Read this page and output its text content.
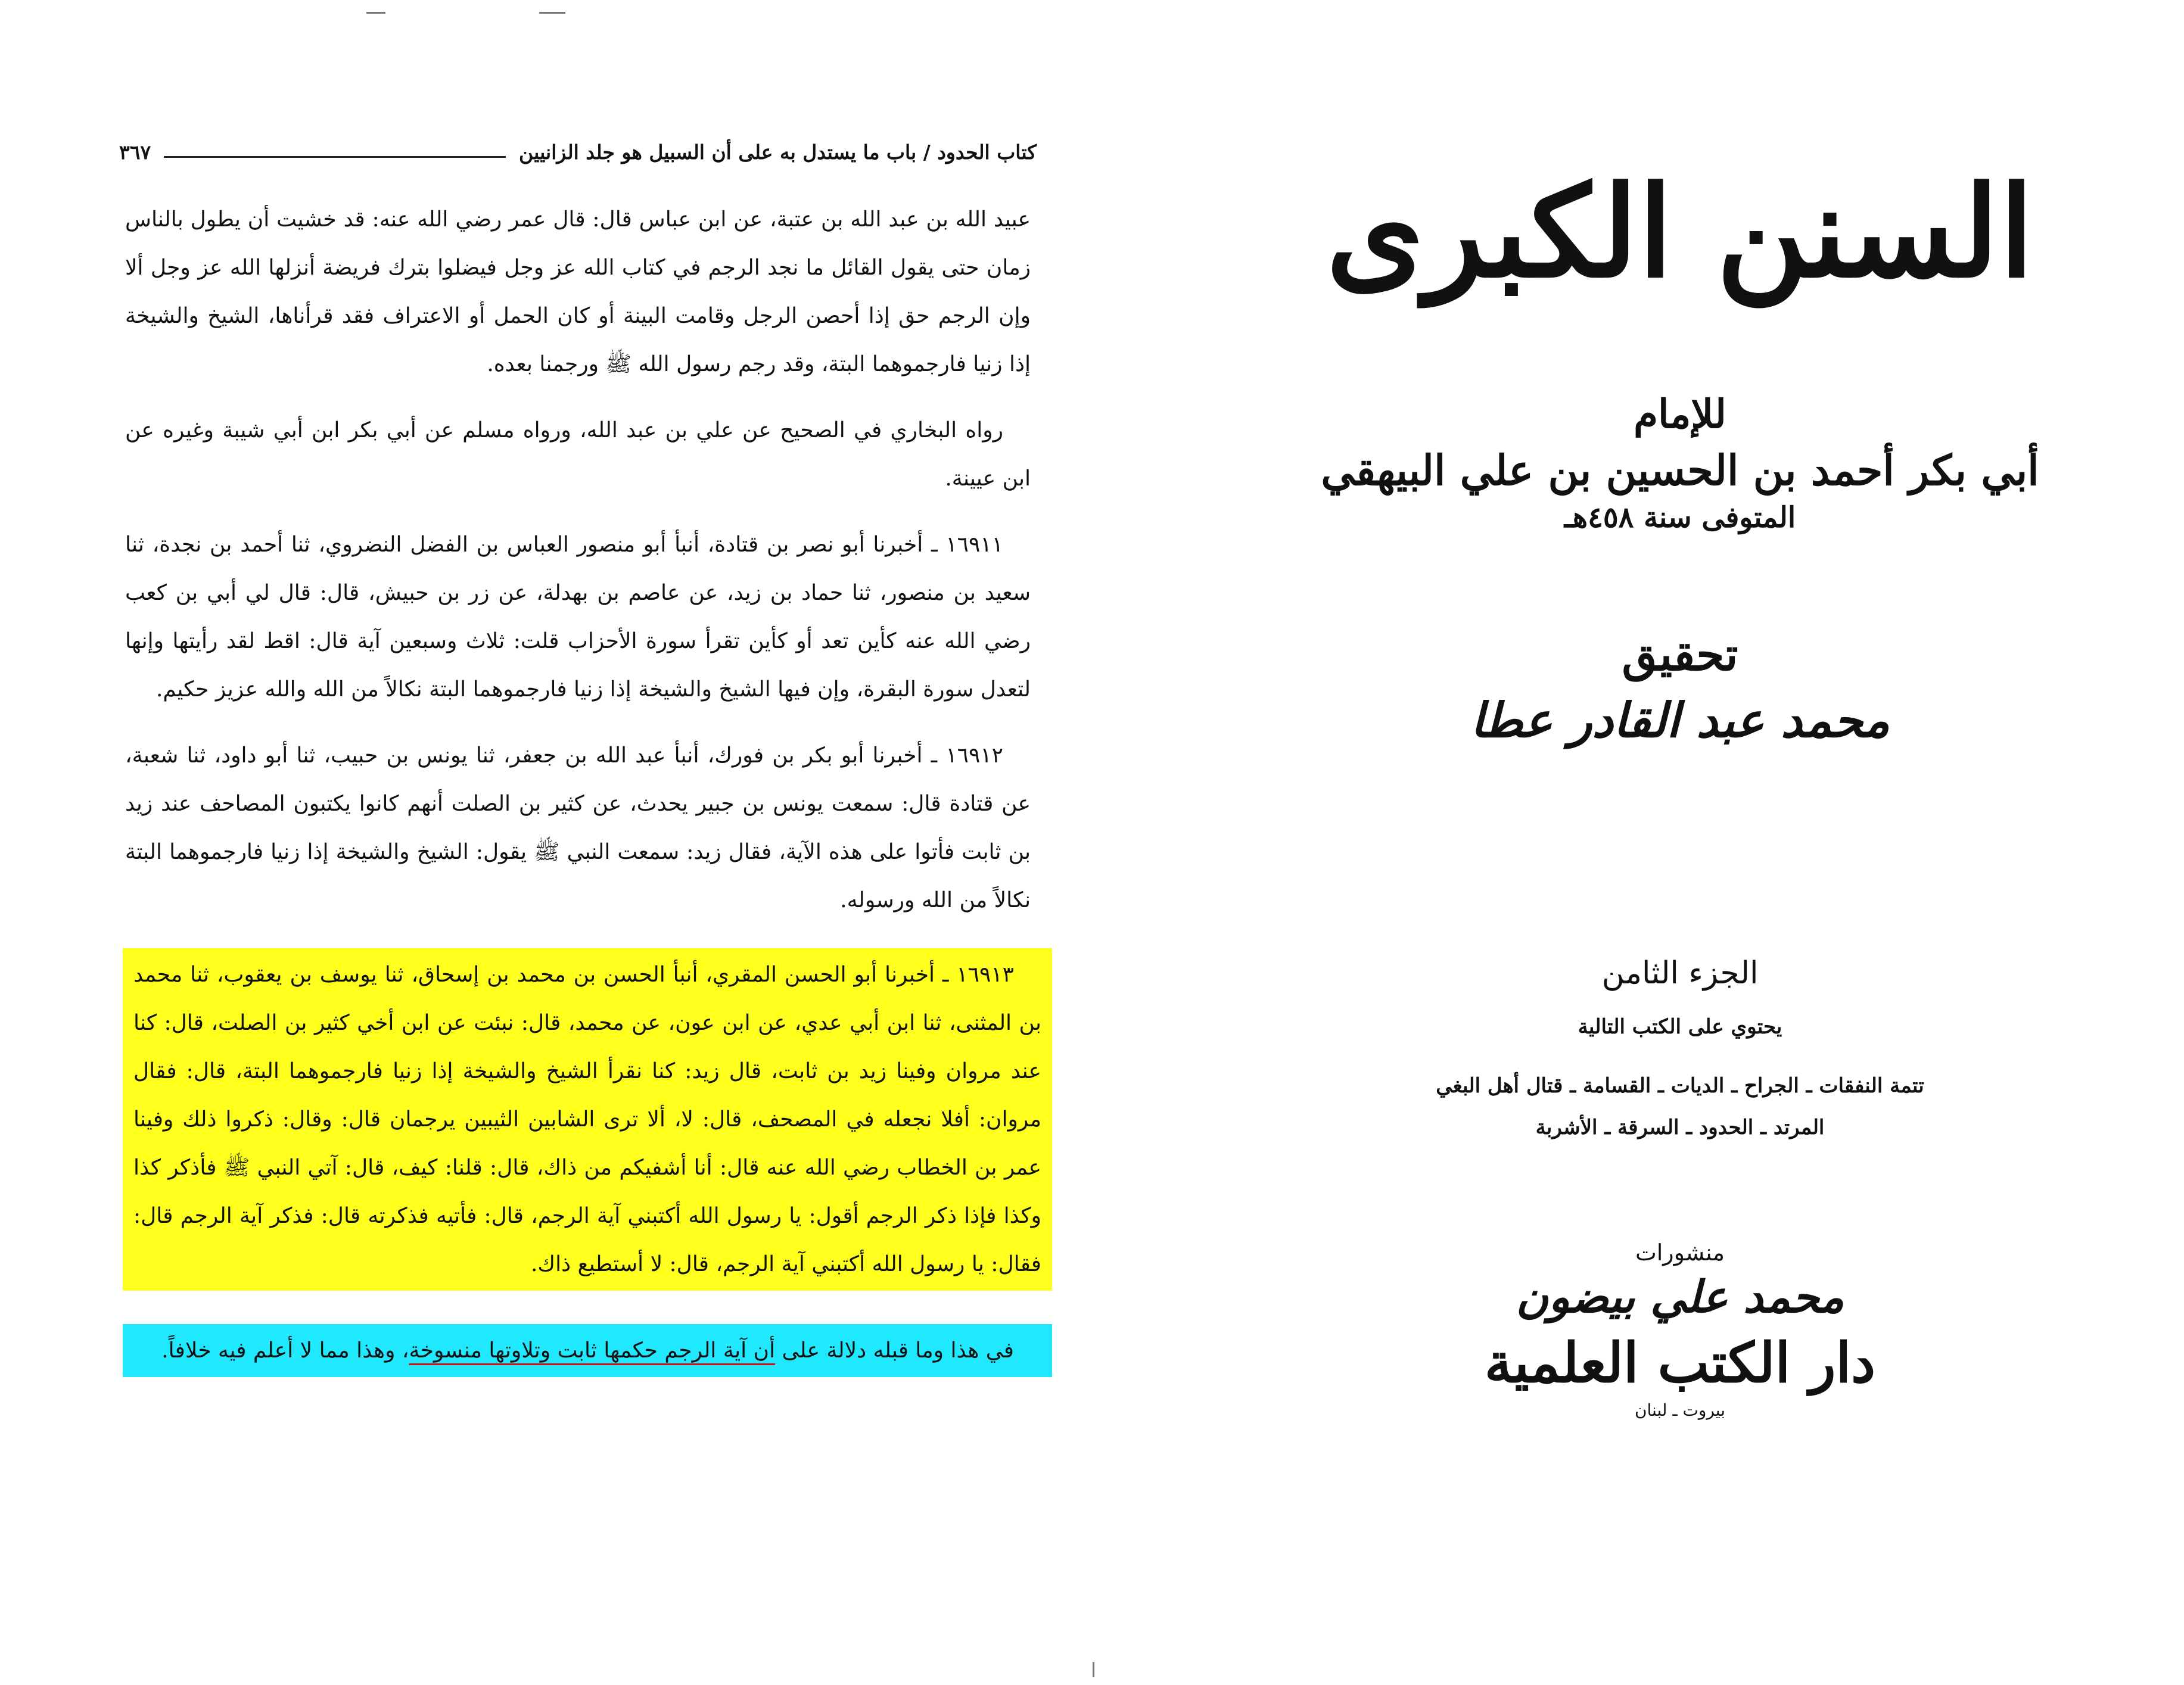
كتاب الحدود / باب ما يستدل به على أن السبيل هو جلد الزانيين
٣٦٧

عبيد الله بن عبد الله بن عتبة، عن ابن عباس قال: قال عمر رضي الله عنه: قد خشيت أن يطول بالناس زمان حتى يقول القائل ما نجد الرجم في كتاب الله عز وجل فيضلوا بترك فريضة أنزلها الله عز وجل ألا وإن الرجم حق إذا أحصن الرجل وقامت البينة أو كان الحمل أو الاعتراف فقد قرأناها، الشيخ والشيخة إذا زنيا فارجموهما البتة، وقد رجم رسول الله ﷺ ورجمنا بعده.

رواه البخاري في الصحيح عن علي بن عبد الله، ورواه مسلم عن أبي بكر ابن أبي شيبة وغيره عن ابن عيينة.

١٦٩١١ ـ أخبرنا أبو نصر بن قتادة، أنبأ أبو منصور العباس بن الفضل النضروي، ثنا أحمد بن نجدة، ثنا سعيد بن منصور، ثنا حماد بن زيد، عن عاصم بن بهدلة، عن زر بن حبيش، قال: قال لي أبي بن كعب رضي الله عنه كأين تعد أو كأين تقرأ سورة الأحزاب قلت: ثلاث وسبعين آية قال: اقط لقد رأيتها وإنها لتعدل سورة البقرة، وإن فيها الشيخ والشيخة إذا زنيا فارجموهما البتة نكالاً من الله والله عزيز حكيم.

١٦٩١٢ ـ أخبرنا أبو بكر بن فورك، أنبأ عبد الله بن جعفر، ثنا يونس بن حبيب، ثنا أبو داود، ثنا شعبة، عن قتادة قال: سمعت يونس بن جبير يحدث، عن كثير بن الصلت أنهم كانوا يكتبون المصاحف عند زيد بن ثابت فأتوا على هذه الآية، فقال زيد: سمعت النبي ﷺ يقول: الشيخ والشيخة إذا زنيا فارجموهما البتة نكالاً من الله ورسوله.

١٦٩١٣ ـ أخبرنا أبو الحسن المقري، أنبأ الحسن بن محمد بن إسحاق، ثنا يوسف بن يعقوب، ثنا محمد بن المثنى، ثنا ابن أبي عدي، عن ابن عون، عن محمد، قال: نبئت عن ابن أخي كثير بن الصلت، قال: كنا عند مروان وفينا زيد بن ثابت، قال زيد: كنا نقرأ الشيخ والشيخة إذا زنيا فارجموهما البتة، قال: فقال مروان: أفلا نجعله في المصحف، قال: لا، ألا ترى الشابين الثيبين يرجمان قال: وقال: ذكروا ذلك وفينا عمر بن الخطاب رضي الله عنه قال: أنا أشفيكم من ذاك، قال: قلنا: كيف، قال: آتي النبي ﷺ فأذكر كذا وكذا فإذا ذكر الرجم أقول: يا رسول الله أكتبني آية الرجم، قال: فأتيه فذكرته قال: فذكر آية الرجم قال: فقال: يا رسول الله أكتبني آية الرجم، قال: لا أستطيع ذاك.

في هذا وما قبله دلالة على أن آية الرجم حكمها ثابت وتلاوتها منسوخة، وهذا مما لا أعلم فيه خلافاً.

السنن الكبرى
للإمام
أبي بكر أحمد بن الحسين بن علي البيهقي
المتوفى سنة ٤٥٨هـ
تحقيق
محمد عبد القادر عطا
الجزء الثامن
يحتوي على الكتب التالية
تتمة النفقات ـ الجراح ـ الديات ـ القسامة ـ قتال أهل البغي
المرتد ـ الحدود ـ السرقة ـ الأشربة
منشورات
محمد علي بيضون
دار الكتب العلمية
بيروت ـ لبنان
